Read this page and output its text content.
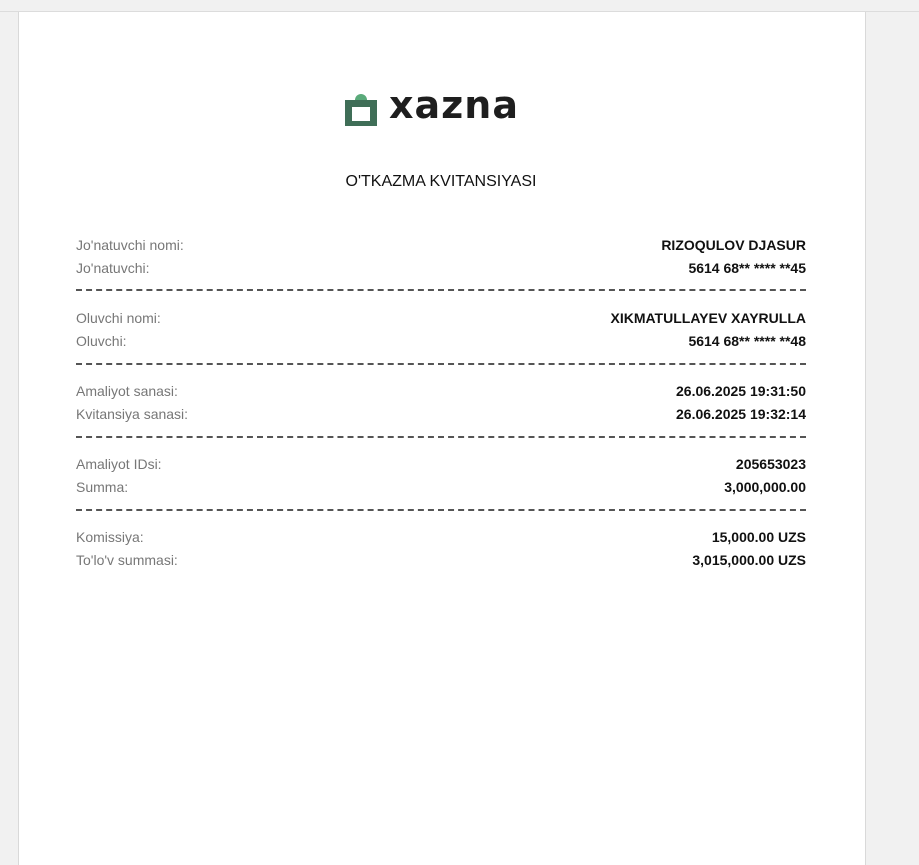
xazna
O'TKAZMA KVITANSIYASI
Jo'natuvchi nomi:	RIZOQULOV DJASUR
Jo'natuvchi:	5614 68** **** **45
Oluvchi nomi:	XIKMATULLAYEV XAYRULLA
Oluvchi:	5614 68** **** **48
Amaliyot sanasi:	26.06.2025 19:31:50
Kvitansiya sanasi:	26.06.2025 19:32:14
Amaliyot IDsi:	205653023
Summa:	3,000,000.00
Komissiya:	15,000.00 UZS
To'lo'v summasi:	3,015,000.00 UZS
